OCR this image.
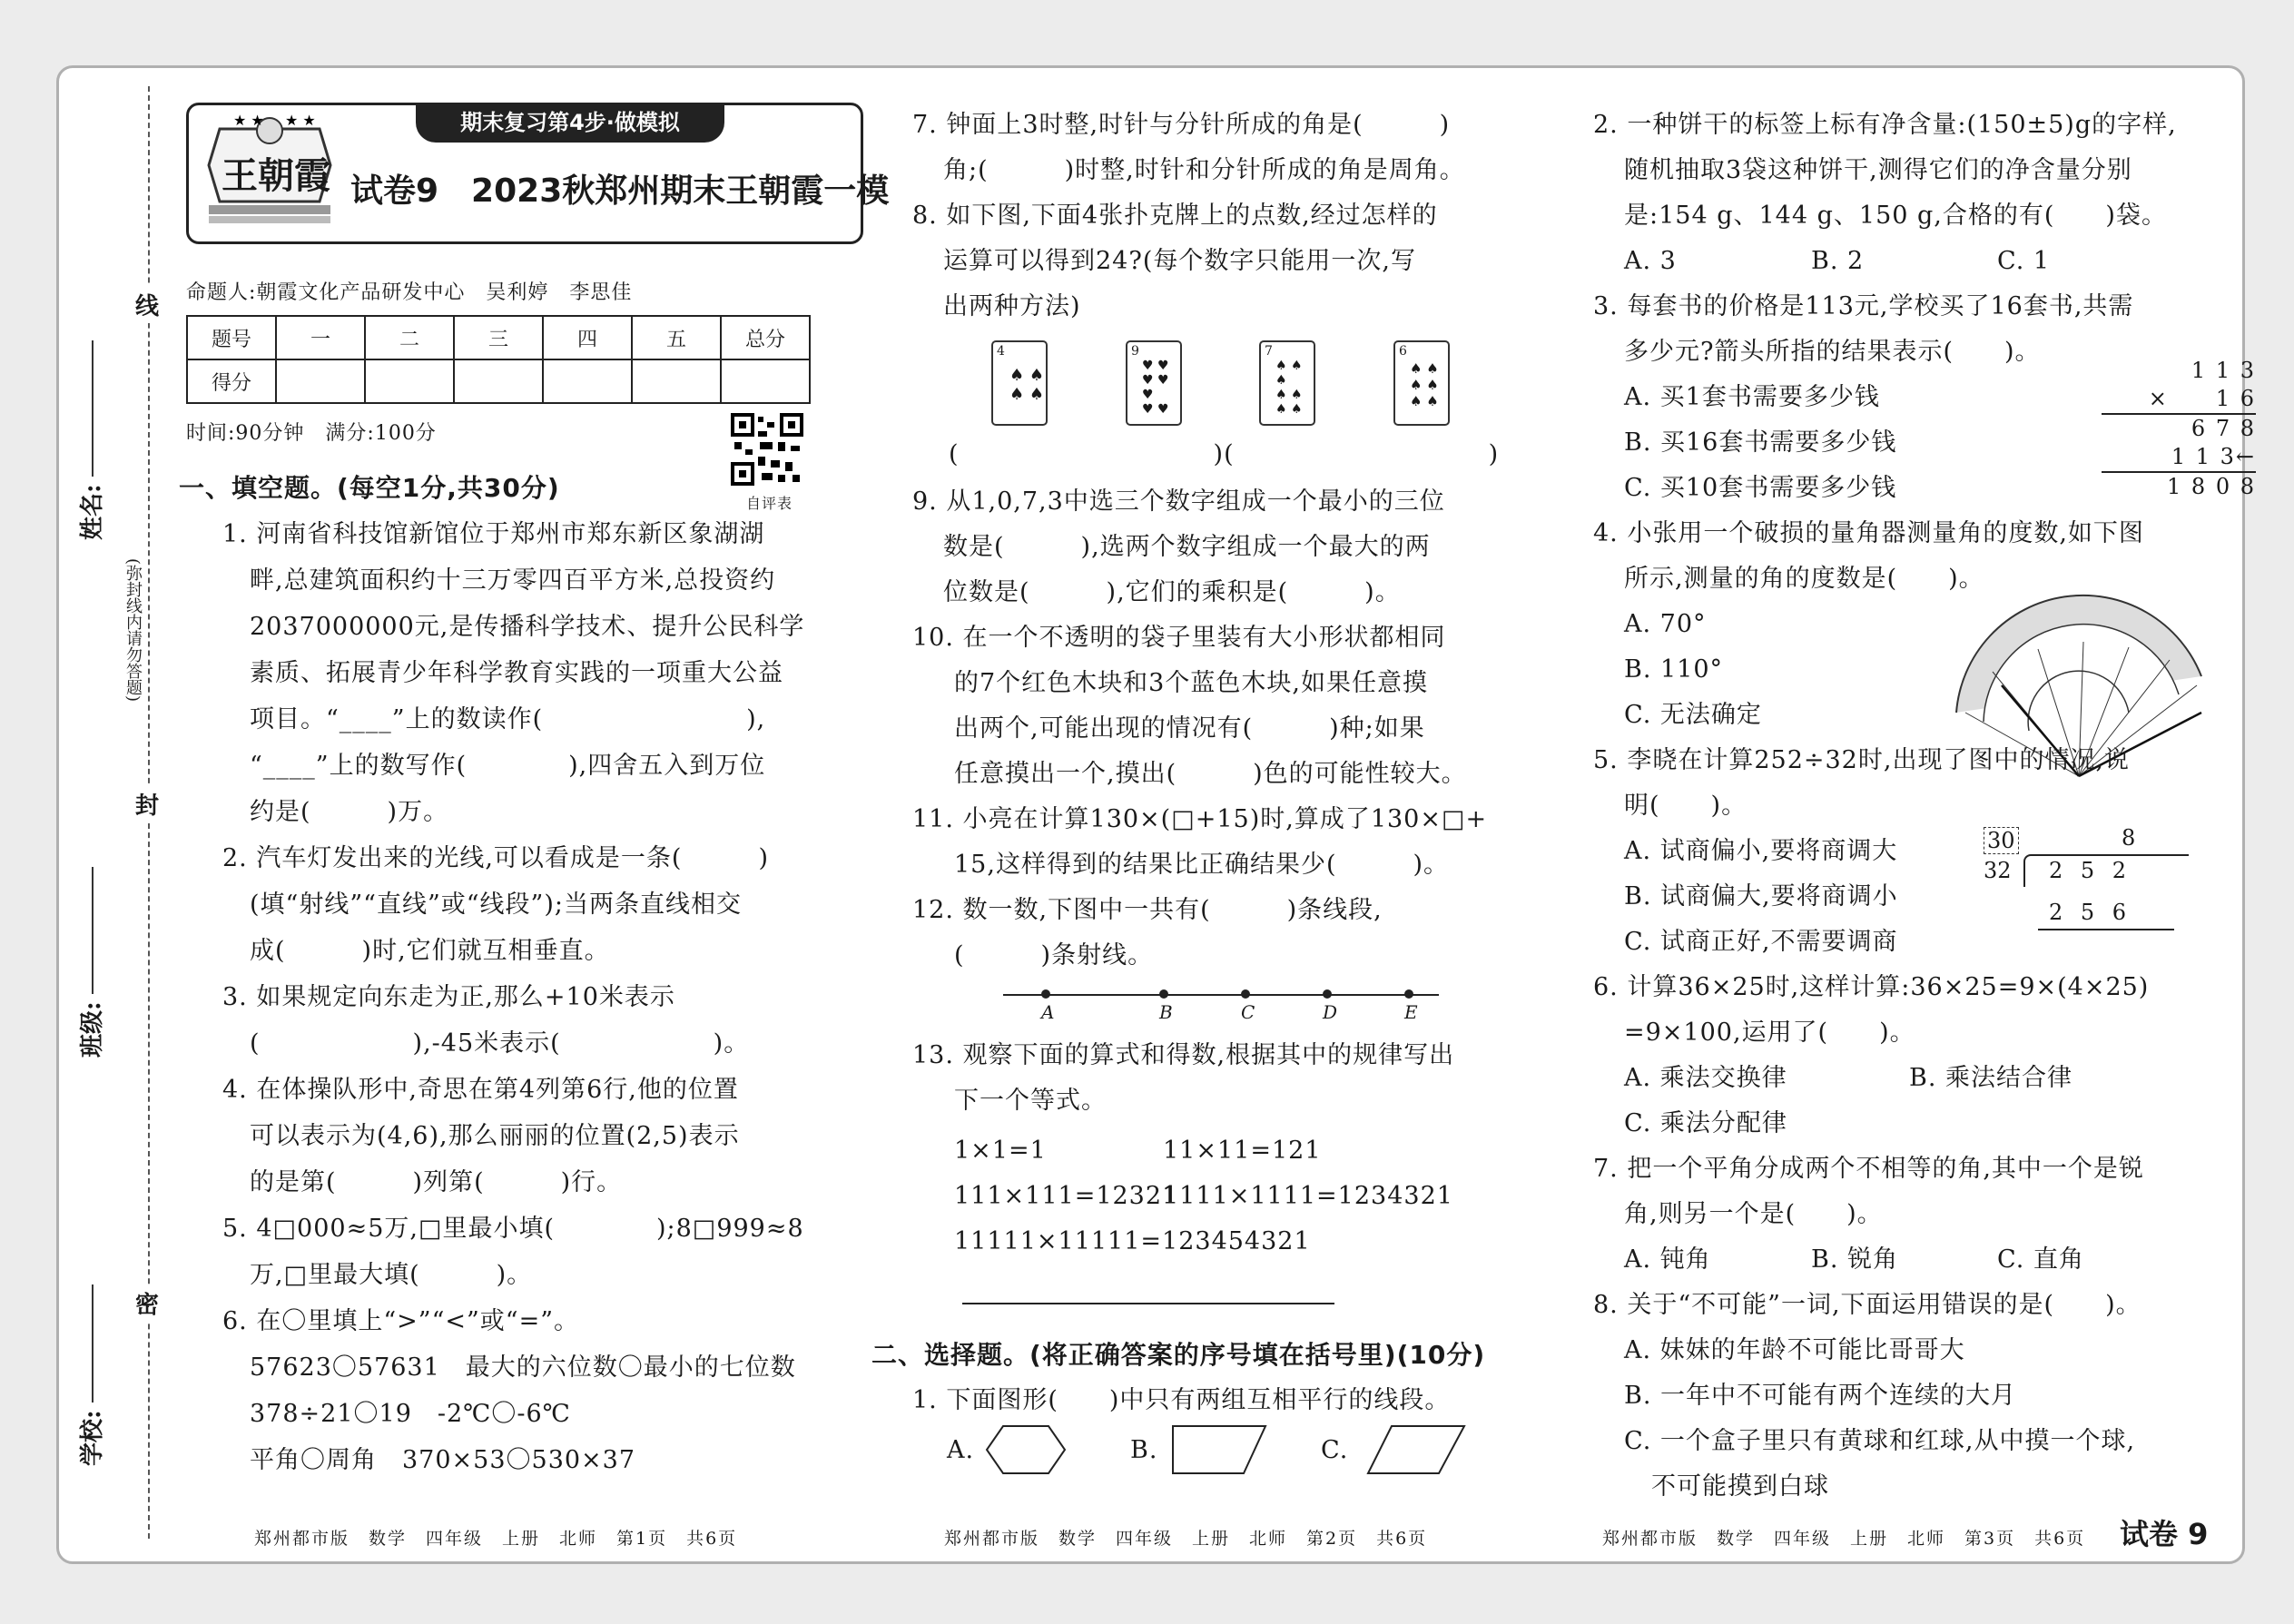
线
封
密
姓名:
班级:
学校:
(弥封线内请勿答题)
★ ★ ★ ★
王朝霞
期末复习第4步·做模拟
试卷9　2023秋郑州期末王朝霞一模
命题人:朝霞文化产品研发中心　吴利婷　李思佳
题号	一	二	三	四	五	总分
得分						
时间:90分钟　满分:100分
自评表
一、填空题。(每空1分,共30分)
1. 河南省科技馆新馆位于郑州市郑东新区象湖湖
畔,总建筑面积约十三万零四百平方米,总投资约
2037000000元,是传播科学技术、提升公民科学
素质、拓展青少年科学教育实践的一项重大公益
项目。“____”上的数读作(　　　　　　　　),
“____”上的数写作(　　　　),四舍五入到万位
约是(　　　)万。
2. 汽车灯发出来的光线,可以看成是一条(　　　)
(填“射线”“直线”或“线段”);当两条直线相交
成(　　　)时,它们就互相垂直。
3. 如果规定向东走为正,那么+10米表示
(　　　　　　),-45米表示(　　　　　　)。
4. 在体操队形中,奇思在第4列第6行,他的位置
可以表示为(4,6),那么丽丽的位置(2,5)表示
的是第(　　　)列第(　　　)行。
5. 4□000≈5万,□里最小填(　　　　);8□999≈8
万,□里最大填(　　　)。
6. 在〇里填上“>”“<”或“=”。
57623〇57631　最大的六位数〇最小的七位数
378÷21〇19　-2℃〇-6℃
平角〇周角　370×53〇530×37
郑州都市版　数学　四年级　上册　北师　第1页　共6页
7. 钟面上3时整,时针与分针所成的角是(　　　)
角;(　　　)时整,时针和分针所成的角是周角。
8. 如下图,下面4张扑克牌上的点数,经过怎样的
运算可以得到24?(每个数字只能用一次,写
出两种方法)
4
♠ ♠
♠ ♠
9
♥ ♥
♥ ♥
♥
♥ ♥
7
♠ ♠
♠
♠ ♠
♠ ♠
6
♠ ♠
♠ ♠
♠ ♠
(　　　　　　　　　　)(　　　　　　　　　　)
9. 从1,0,7,3中选三个数字组成一个最小的三位
数是(　　　),选两个数字组成一个最大的两
位数是(　　　),它们的乘积是(　　　)。
10. 在一个不透明的袋子里装有大小形状都相同
的7个红色木块和3个蓝色木块,如果任意摸
出两个,可能出现的情况有(　　　)种;如果
任意摸出一个,摸出(　　　)色的可能性较大。
11. 小亮在计算130×(□+15)时,算成了130×□+
15,这样得到的结果比正确结果少(　　　)。
12. 数一数,下图中一共有(　　　)条线段,
(　　　)条射线。
A	B	C	D	E
13. 观察下面的算式和得数,根据其中的规律写出
下一个等式。
1×1=1	11×11=121
111×111=12321
1111×1111=1234321
11111×11111=123454321
二、选择题。(将正确答案的序号填在括号里)(10分)
1. 下面图形(　　)中只有两组互相平行的线段。
A.	B.	C.
郑州都市版　数学　四年级　上册　北师　第2页　共6页
2. 一种饼干的标签上标有净含量:(150±5)g的字样,
随机抽取3袋这种饼干,测得它们的净含量分别
是:154 g、144 g、150 g,合格的有(　　)袋。
A. 3	B. 2	C. 1
3. 每套书的价格是113元,学校买了16套书,共需
多少元?箭头所指的结果表示(　　)。
A. 买1套书需要多少钱
B. 买16套书需要多少钱
C. 买10套书需要多少钱
1 1 3
×　　1 6
6 7 8
1 1 3←
1 8 0 8
4. 小张用一个破损的量角器测量角的度数,如下图
所示,测量的角的度数是(　　)。
A. 70°
B. 110°
C. 无法确定
5. 李晓在计算252÷32时,出现了图中的情况,说
明(　　)。
A. 试商偏小,要将商调大
B. 试商偏大,要将商调小
C. 试商正好,不需要调商
30	8
32 2 5 2
2 5 6
6. 计算36×25时,这样计算:36×25=9×(4×25)
=9×100,运用了(　　)。
A. 乘法交换律	B. 乘法结合律
C. 乘法分配律
7. 把一个平角分成两个不相等的角,其中一个是锐
角,则另一个是(　　)。
A. 钝角	B. 锐角	C. 直角
8. 关于“不可能”一词,下面运用错误的是(　　)。
A. 妹妹的年龄不可能比哥哥大
B. 一年中不可能有两个连续的大月
C. 一个盒子里只有黄球和红球,从中摸一个球,
不可能摸到白球
郑州都市版　数学　四年级　上册　北师　第3页　共6页 试卷 9
